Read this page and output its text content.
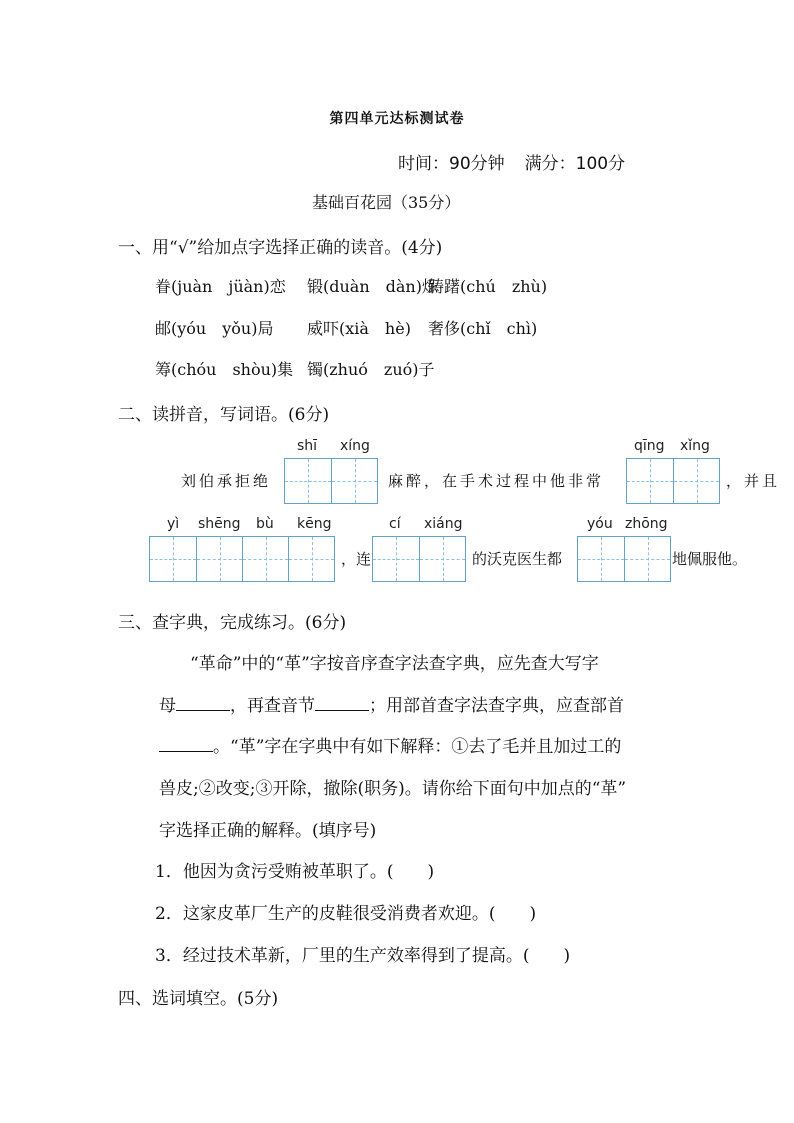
第四单元达标测试卷
时间：90分钟 满分：100分
基础百花园（35分）
一、用“√”给加点字选择正确的读音。(4分)
眷(juàn　jüàn)恋 锻(duàn　dàn)炼踌躇(chú　zhù)
邮(yóu　yǒu)局 威吓(xià　hè) 奢侈(chǐ　chì)
筹(chóu　shòu)集 镯(zhuó　zuó)子
二、读拼音，写词语。(6分)
shī xíng	qīng xǐng
刘伯承拒绝	麻醉，在手术过程中他非常	，并且
yì shēng bù kēng	cí xiáng	yóu zhōng
，连	的沃克医生都	地佩服他。
三、查字典，完成练习。(6分)
“革命”中的“革”字按音序查字法查字典，应先查大写字
母	，再查音节	；用部首查字法查字典，应查部首
。“革”字在字典中有如下解释：①去了毛并且加过工的
兽皮;②改变;③开除，撤除(职务)。请你给下面句中加点的“革”
字选择正确的解释。(填序号)
1．他因为贪污受贿被革职了。(　　)
2．这家皮革厂生产的皮鞋很受消费者欢迎。(　　)
3．经过技术革新，厂里的生产效率得到了提高。(　　)
四、选词填空。(5分)
